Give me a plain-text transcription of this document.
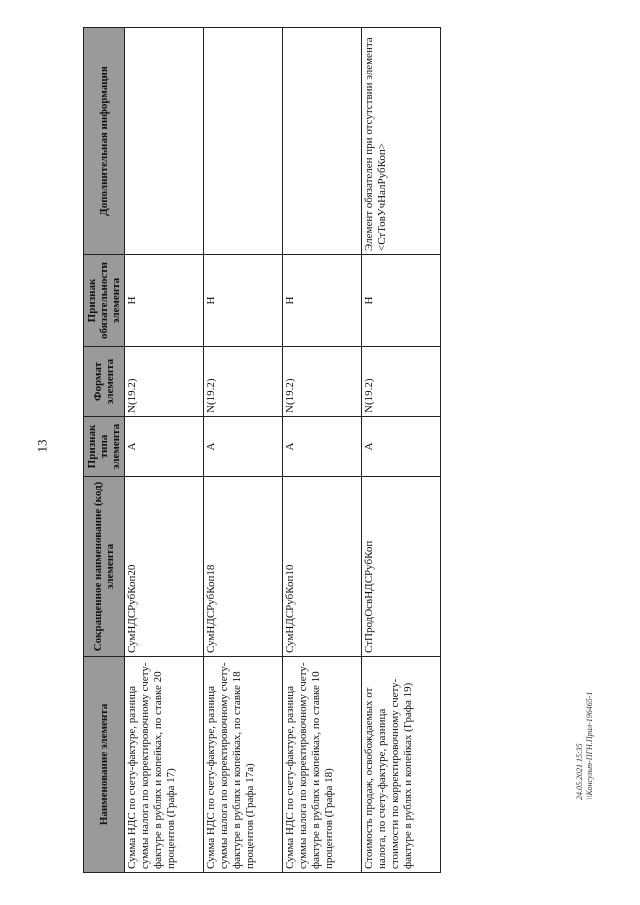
13
Наименование элемента	Сокращенное наименование (код) элемента	Признак типа элемента	Формат элемента	Признак обязательности элемента	Дополнительная информация
Сумма НДС по счету-фактуре, разница суммы налога по корректировочному счету-фактуре в рублях и копейках, по ставке 20 процентов (Графа 17)	СумНДСРубКоп20	А	N(19.2)	Н	
Сумма НДС по счету-фактуре, разница суммы налога по корректировочному счету-фактуре в рублях и копейках, по ставке 18 процентов (Графа 17а)	СумНДСРубКоп18	А	N(19.2)	Н	
Сумма НДС по счету-фактуре, разница суммы налога по корректировочному счету-фактуре в рублях и копейках, по ставке 10 процентов (Графа 18)	СумНДСРубКоп10	А	N(19.2)	Н	
Стоимость продаж, освобождаемых от налога, по счету-фактуре, разница стоимости по корректировочному счету-фактуре в рублях и копейках (Графа 19)	СтПродОсвНДСРубКоп	А	N(19.2)	Н	Элемент обязателен при отсутствии элемента <СтТовУчНалРубКоп>
24.05.2021 15:35 \\Консульт-ПГН.Прил-196465-1
